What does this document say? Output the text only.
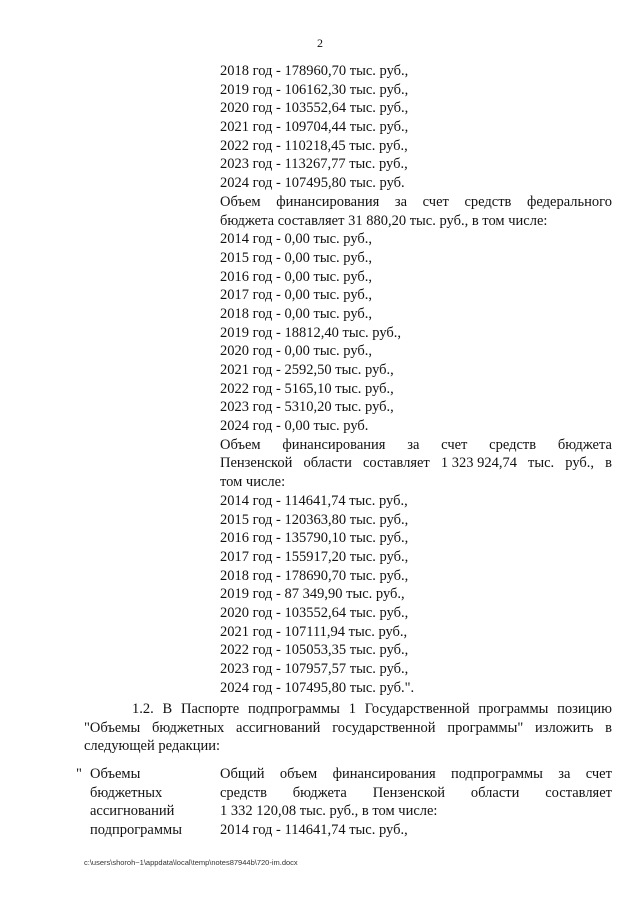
2
2018 год - 178960,70 тыс. руб.,
2019 год - 106162,30 тыс. руб.,
2020 год - 103552,64 тыс. руб.,
2021 год - 109704,44 тыс. руб.,
2022 год - 110218,45 тыс. руб.,
2023 год - 113267,77 тыс. руб.,
2024 год - 107495,80 тыс. руб.
Объем финансирования за счет средств федерального
бюджета составляет 31 880,20 тыс. руб., в том числе:
2014 год - 0,00 тыс. руб.,
2015 год - 0,00 тыс. руб.,
2016 год - 0,00 тыс. руб.,
2017 год - 0,00 тыс. руб.,
2018 год - 0,00 тыс. руб.,
2019 год - 18812,40 тыс. руб.,
2020 год - 0,00 тыс. руб.,
2021 год - 2592,50 тыс. руб.,
2022 год - 5165,10 тыс. руб.,
2023 год - 5310,20 тыс. руб.,
2024 год - 0,00 тыс. руб.
Объем финансирования за счет средств бюджета
Пензенской области составляет 1 323 924,74 тыс. руб., в
том числе:
2014 год - 114641,74 тыс. руб.,
2015 год - 120363,80 тыс. руб.,
2016 год - 135790,10 тыс. руб.,
2017 год - 155917,20 тыс. руб.,
2018 год - 178690,70 тыс. руб.,
2019 год - 87 349,90 тыс. руб.,
2020 год - 103552,64 тыс. руб.,
2021 год - 107111,94 тыс. руб.,
2022 год - 105053,35 тыс. руб.,
2023 год - 107957,57 тыс. руб.,
2024 год - 107495,80 тыс. руб.".
1.2. В Паспорте подпрограммы 1 Государственной программы позицию "Объемы бюджетных ассигнований государственной программы" изложить в следующей редакции:
" Объемы
бюджетных
ассигнований
подпрограммы
Общий объем финансирования подпрограммы за счет
средств бюджета Пензенской области составляет
1 332 120,08 тыс. руб., в том числе:
2014 год - 114641,74 тыс. руб.,
c:\users\shoroh~1\appdata\local\temp\notes87944b\720-im.docx
